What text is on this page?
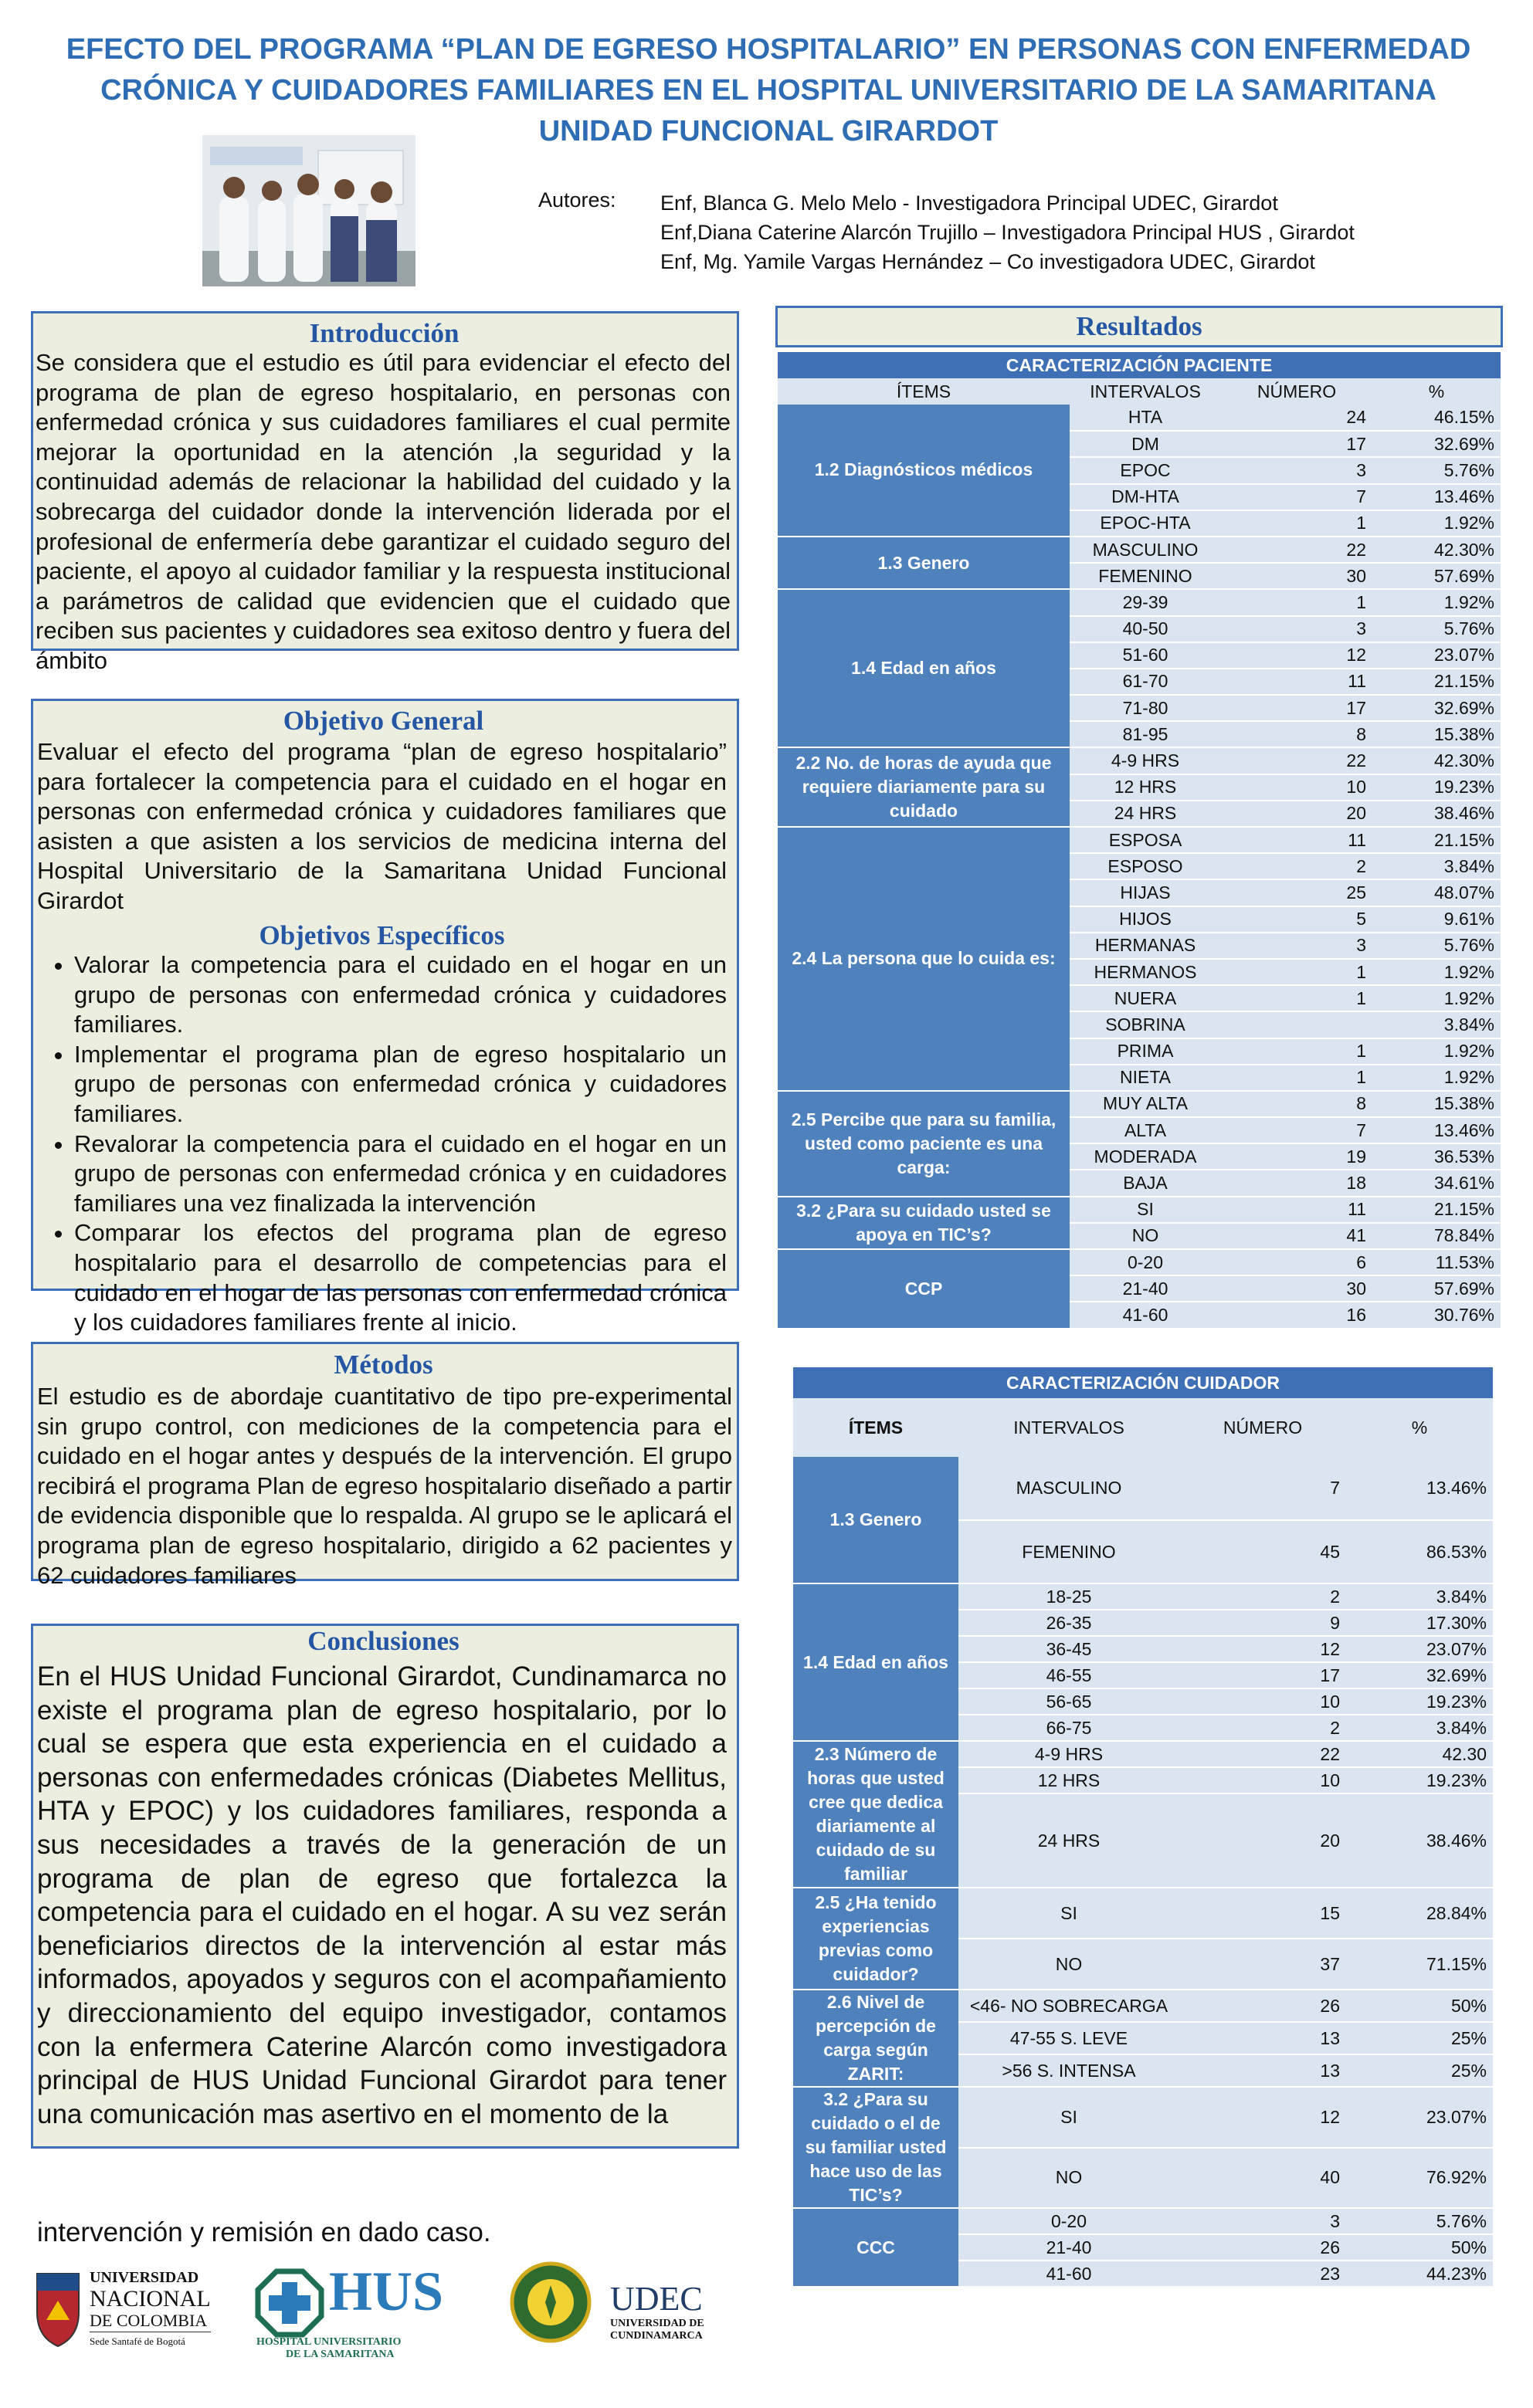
EFECTO DEL PROGRAMA “PLAN DE EGRESO HOSPITALARIO” EN PERSONAS CON ENFERMEDAD
CRÓNICA Y CUIDADORES FAMILIARES EN EL HOSPITAL UNIVERSITARIO DE LA SAMARITANA
UNIDAD FUNCIONAL GIRARDOT
Autores: Enf, Blanca G. Melo Melo - Investigadora Principal UDEC, Girardot
Enf,Diana Caterine Alarcón Trujillo – Investigadora Principal HUS , Girardot
Enf, Mg. Yamile Vargas Hernández – Co investigadora UDEC, Girardot
Introducción
Se considera que el estudio es útil para evidenciar el efecto del programa de plan de egreso hospitalario, en personas con enfermedad crónica y sus cuidadores familiares el cual permite mejorar la oportunidad en la atención ,la seguridad y la continuidad además de relacionar la habilidad del cuidado y la sobrecarga del cuidador donde la intervención liderada por el profesional de enfermería debe garantizar el cuidado seguro del paciente, el apoyo al cuidador familiar y la respuesta institucional a parámetros de calidad que evidencien que el cuidado que reciben sus pacientes y cuidadores sea exitoso dentro y fuera del ámbito
Objetivo General
Evaluar el efecto del programa “plan de egreso hospitalario” para fortalecer la competencia para el cuidado en el hogar en personas con enfermedad crónica y cuidadores familiares que asisten a que asisten a los servicios de medicina interna del Hospital Universitario de la Samaritana Unidad Funcional Girardot
Objetivos Específicos
• Valorar la competencia para el cuidado en el hogar en un grupo de personas con enfermedad crónica y cuidadores familiares.
• Implementar el programa plan de egreso hospitalario un grupo de personas con enfermedad crónica y cuidadores familiares.
• Revalorar la competencia para el cuidado en el hogar en un grupo de personas con enfermedad crónica y en cuidadores familiares una vez finalizada la intervención
• Comparar los efectos del programa plan de egreso hospitalario para el desarrollo de competencias para el cuidado en el hogar de las personas con enfermedad crónica y los cuidadores familiares frente al inicio.
Métodos
El estudio es de abordaje cuantitativo de tipo pre-experimental sin grupo control, con mediciones de la competencia para el cuidado en el hogar antes y después de la intervención. El grupo recibirá el programa Plan de egreso hospitalario diseñado a partir de evidencia disponible que lo respalda. Al grupo se le aplicará el programa plan de egreso hospitalario, dirigido a 62 pacientes y 62 cuidadores familiares
Conclusiones
En el HUS Unidad Funcional Girardot, Cundinamarca no existe el programa plan de egreso hospitalario, por lo cual se espera que esta experiencia en el cuidado a personas con enfermedades crónicas (Diabetes Mellitus, HTA y EPOC) y los cuidadores familiares, responda a sus necesidades a través de la generación de un programa de plan de egreso que fortalezca la competencia para el cuidado en el hogar. A su vez serán beneficiarios directos de la intervención al estar más informados, apoyados y seguros con el acompañamiento y direccionamiento del equipo investigador, contamos con la enfermera Caterine Alarcón como investigadora principal de HUS Unidad Funcional Girardot para tener una comunicación mas asertivo en el momento de la
intervención y remisión en dado caso.
Resultados
CARACTERIZACIÓN PACIENTE			
ÍTEMS	INTERVALOS	NÚMERO	%
1.2 Diagnósticos médicos	HTA	24	46.15%
	DM	17	32.69%
	EPOC	3	5.76%
	DM-HTA	7	13.46%
	EPOC-HTA	1	1.92%
1.3 Genero	MASCULINO	22	42.30%
	FEMENINO	30	57.69%
1.4 Edad en años	29-39	1	1.92%
	40-50	3	5.76%
	51-60	12	23.07%
	61-70	11	21.15%
	71-80	17	32.69%
	81-95	8	15.38%
2.2 No. de horas de ayuda que requiere diariamente para su cuidado	4-9 HRS	22	42.30%
	12 HRS	10	19.23%
	24 HRS	20	38.46%
2.4 La persona que lo cuida es:	ESPOSA	11	21.15%
	ESPOSO	2	3.84%
	HIJAS	25	48.07%
	HIJOS	5	9.61%
	HERMANAS	3	5.76%
	HERMANOS	1	1.92%
	NUERA	1	1.92%
	SOBRINA		3.84%
	PRIMA	1	1.92%
	NIETA	1	1.92%
2.5 Percibe que para su familia, usted como paciente es una carga:	MUY ALTA	8	15.38%
	ALTA	7	13.46%
	MODERADA	19	36.53%
	BAJA	18	34.61%
3.2 ¿Para su cuidado usted se apoya en TIC’s?	SI	11	21.15%
	NO	41	78.84%
CCP	0-20	6	11.53%
	21-40	30	57.69%
	41-60	16	30.76%
CARACTERIZACIÓN CUIDADOR			
ÍTEMS	INTERVALOS	NÚMERO	%
1.3 Genero	MASCULINO	7	13.46%
	FEMENINO	45	86.53%
1.4 Edad en años	18-25	2	3.84%
	26-35	9	17.30%
	36-45	12	23.07%
	46-55	17	32.69%
	56-65	10	19.23%
	66-75	2	3.84%
2.3 Número de horas que usted cree que dedica diariamente al cuidado de su familiar	4-9 HRS	22	42.30
	12 HRS	10	19.23%
	24 HRS	20	38.46%
2.5 ¿Ha tenido experiencias previas como cuidador?	SI	15	28.84%
	NO	37	71.15%
2.6 Nivel de percepción de carga según ZARIT:	<46- NO SOBRECARGA	26	50%
	47-55 S. LEVE	13	25%
	>56 S. INTENSA	13	25%
3.2 ¿Para su cuidado o el de su familiar usted hace uso de las TIC’s?	SI	12	23.07%
	NO	40	76.92%
CCC	0-20	3	5.76%
	21-40	26	50%
	41-60	23	44.23%
UNIVERSIDAD
NACIONAL
DE COLOMBIA
Sede Santafé de Bogotá
HUS
HOSPITAL UNIVERSITARIO
DE LA SAMARITANA
UDEC
UNIVERSIDAD DE
CUNDINAMARCA
